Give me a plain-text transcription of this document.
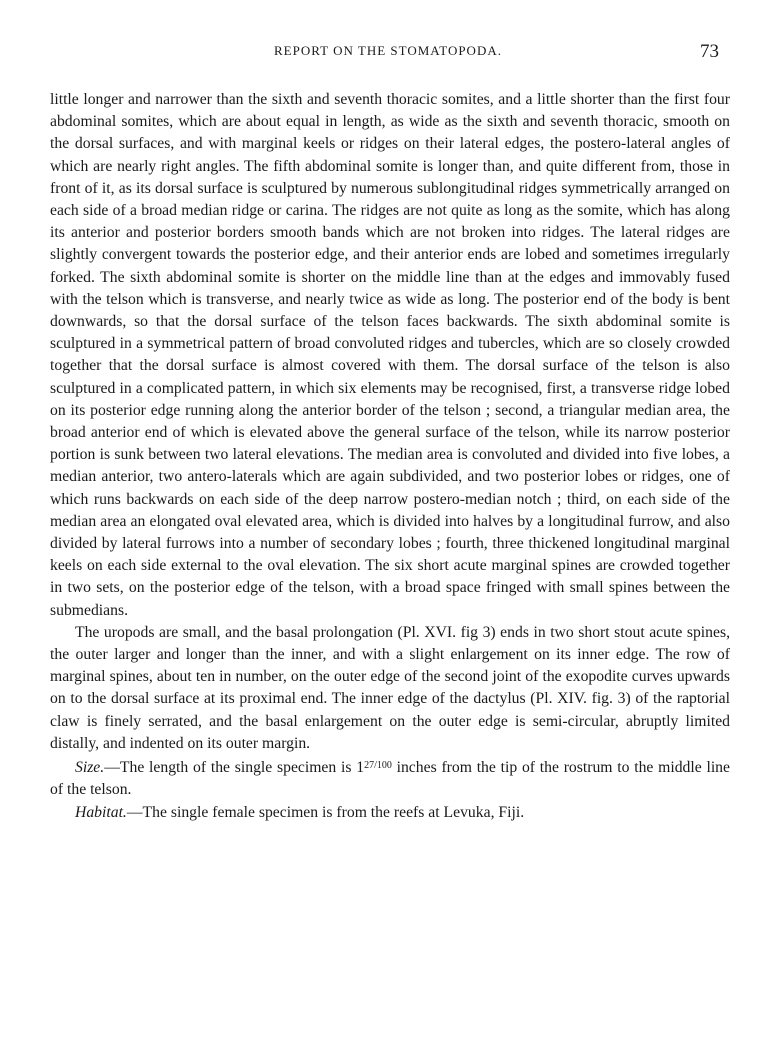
REPORT ON THE STOMATOPODA.	73

little longer and narrower than the sixth and seventh thoracic somites, and a little shorter than the first four abdominal somites, which are about equal in length, as wide as the sixth and seventh thoracic, smooth on the dorsal surfaces, and with marginal keels or ridges on their lateral edges, the postero-lateral angles of which are nearly right angles. The fifth abdominal somite is longer than, and quite different from, those in front of it, as its dorsal surface is sculptured by numerous sublongitudinal ridges symmetrically arranged on each side of a broad median ridge or carina. The ridges are not quite as long as the somite, which has along its anterior and posterior borders smooth bands which are not broken into ridges. The lateral ridges are slightly convergent towards the posterior edge, and their anterior ends are lobed and sometimes irregularly forked. The sixth abdominal somite is shorter on the middle line than at the edges and immovably fused with the telson which is transverse, and nearly twice as wide as long. The posterior end of the body is bent downwards, so that the dorsal surface of the telson faces backwards. The sixth abdominal somite is sculptured in a symmetrical pattern of broad convoluted ridges and tubercles, which are so closely crowded together that the dorsal surface is almost covered with them. The dorsal surface of the telson is also sculptured in a complicated pattern, in which six elements may be recognised, first, a transverse ridge lobed on its posterior edge running along the anterior border of the telson ; second, a triangular median area, the broad anterior end of which is elevated above the general surface of the telson, while its narrow posterior portion is sunk between two lateral elevations. The median area is convoluted and divided into five lobes, a median anterior, two antero-laterals which are again subdivided, and two posterior lobes or ridges, one of which runs backwards on each side of the deep narrow postero-median notch ; third, on each side of the median area an elongated oval elevated area, which is divided into halves by a longitudinal furrow, and also divided by lateral furrows into a number of secondary lobes ; fourth, three thickened longitudinal marginal keels on each side external to the oval elevation. The six short acute marginal spines are crowded together in two sets, on the posterior edge of the telson, with a broad space fringed with small spines between the submedians.

The uropods are small, and the basal prolongation (Pl. XVI. fig 3) ends in two short stout acute spines, the outer larger and longer than the inner, and with a slight enlargement on its inner edge. The row of marginal spines, about ten in number, on the outer edge of the second joint of the exopodite curves upwards on to the dorsal surface at its proximal end. The inner edge of the dactylus (Pl. XIV. fig. 3) of the raptorial claw is finely serrated, and the basal enlargement on the outer edge is semi-circular, abruptly limited distally, and indented on its outer margin.

Size.—The length of the single specimen is $1^{27/100}$ inches from the tip of the rostrum to the middle line of the telson.

Habitat.—The single female specimen is from the reefs at Levuka, Fiji.
